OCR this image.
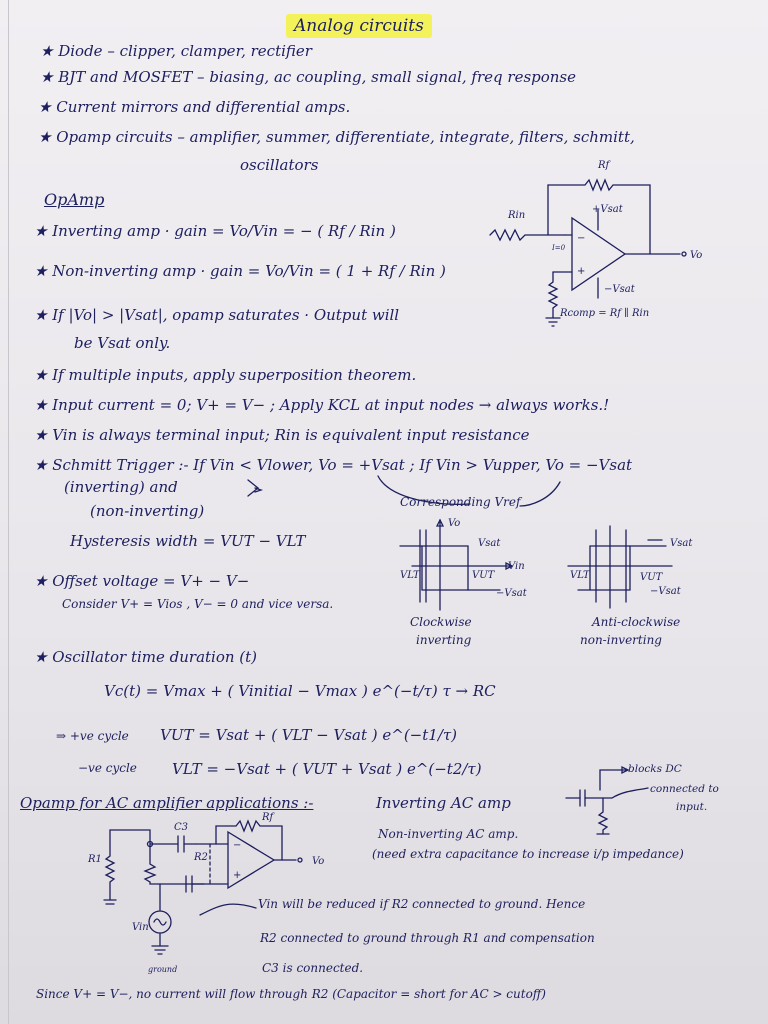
Analog circuits
★ Diode – clipper, clamper, rectifier
★ BJT and MOSFET – biasing, ac coupling, small signal, freq response
★ Current mirrors and differential amps.
★ Opamp circuits – amplifier, summer, differentiate, integrate, filters, schmitt,
oscillators
OpAmp
★ Inverting amp · gain = Vo/Vin = − ( Rf / Rin )
★ Non-inverting amp · gain = Vo/Vin = ( 1 + Rf / Rin )
★ If |Vo| > |Vsat|, opamp saturates · Output will
be Vsat only.
★ If multiple inputs, apply superposition theorem.
★ Input current = 0; V+ = V− ; Apply KCL at input nodes → always works.!
★ Vin is always terminal input; Rin is equivalent input resistance
★ Schmitt Trigger :- If Vin < Vlower, Vo = +Vsat ; If Vin > Vupper, Vo = −Vsat
(inverting) and
(non-inverting)	Corresponding Vref
Hysteresis width = VUT − VLT
★ Offset voltage = V+ − V−
Consider V+ = Vios , V− = 0 and vice versa.
Clockwise
inverting
Anti-clockwise
non-inverting
★ Oscillator time duration (t)
Vc(t) = Vmax + ( Vinitial − Vmax ) e^(−t/τ) τ → RC
⇒ +ve cycle VUT = Vsat + ( VLT − Vsat ) e^(−t1/τ)
−ve cycle VLT = −Vsat + ( VUT + Vsat ) e^(−t2/τ)
Opamp for AC amplifier applications :-	Inverting AC amp
blocks DC
connected to
input.
Non-inverting AC amp.
(need extra capacitance to increase i/p impedance)
Vin will be reduced if R2 connected to ground. Hence
R2 connected to ground through R1 and compensation
C3 is connected.
Since V+ = V−, no current will flow through R2 (Capacitor = short for AC > cutoff)
−
+
Rf
Rin
+Vsat
−Vsat
Vo
I=0
Rcomp = Rf ∥ Rin
Vo
Vsat
−Vsat
Vin
VLT	VUT
Vsat
−Vsat
VLT	VUT
−
+
C3
Rf
R1	R2	Vo
Vin
ground
